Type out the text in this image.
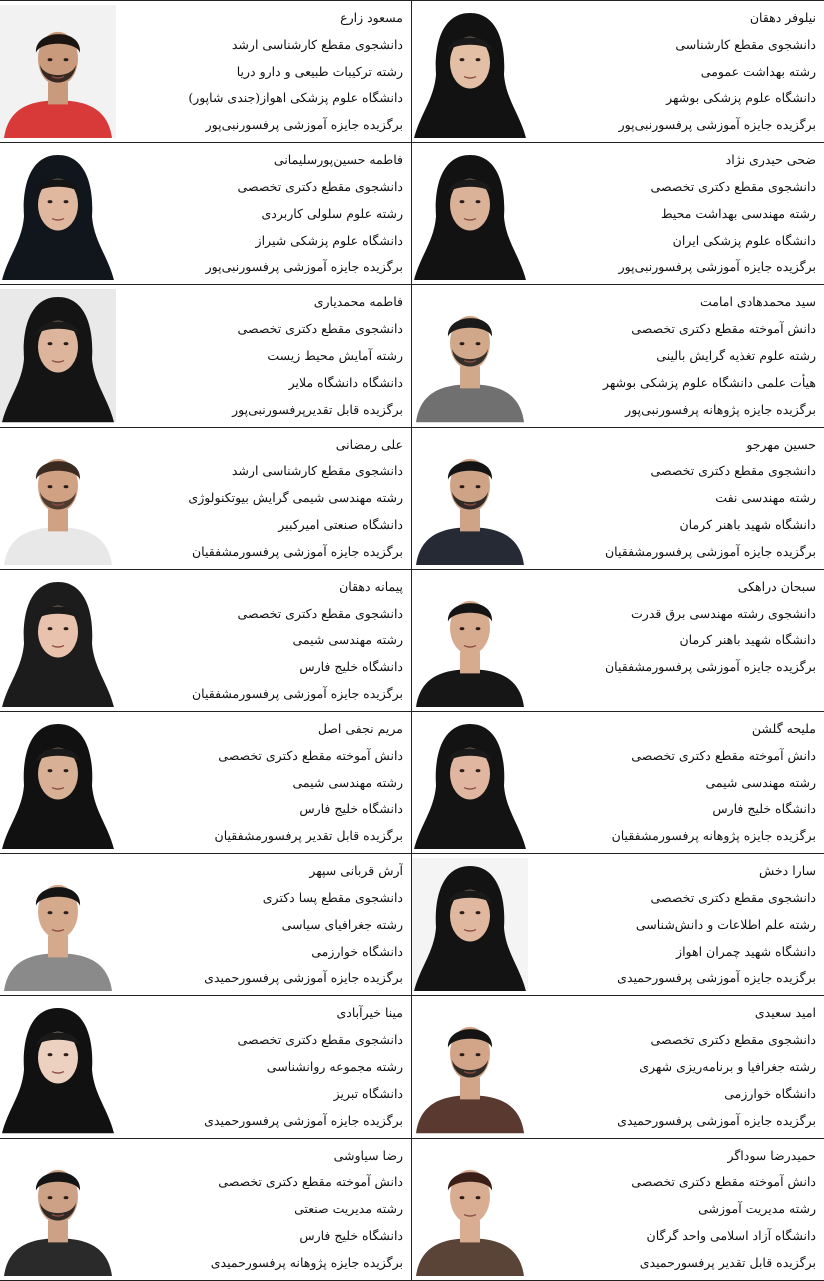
نیلوفر دهقان
دانشجوی مقطع کارشناسی
رشته بهداشت عمومی
دانشگاه علوم پزشکی بوشهر
برگزیده جایزه آموزشی پرفسورنبی‌پور
مسعود زارع
دانشجوی مقطع کارشناسی ارشد
رشته ترکیبات طبیعی و دارو دریا
دانشگاه علوم پزشکی اهواز(جندی شاپور)
برگزیده جایزه آموزشی پرفسورنبی‌پور
ضحی حیدری نژاد
دانشجوی مقطع دکتری تخصصی
رشته مهندسی بهداشت محیط
دانشگاه علوم پزشکی ایران
برگزیده جایزه آموزشی پرفسورنبی‌پور
فاطمه حسین‌پورسلیمانی
دانشجوی مقطع دکتری تخصصی
رشته علوم سلولی کاربردی
دانشگاه علوم پزشکی شیراز
برگزیده جایزه آموزشی پرفسورنبی‌پور
سید محمدهادی امامت
دانش آموخته مقطع دکتری تخصصی
رشته علوم تغذیه گرایش بالینی
هیأت علمی دانشگاه علوم پزشکی بوشهر
برگزیده جایزه پژوهانه پرفسورنبی‌پور
فاطمه محمدیاری
دانشجوی مقطع دکتری تخصصی
رشته آمایش محیط زیست
دانشگاه دانشگاه ملایر
برگزیده قابل تقدیرپرفسورنبی‌پور
حسین مهرجو
دانشجوی مقطع دکتری تخصصی
رشته مهندسی نفت
دانشگاه شهید باهنر کرمان
برگزیده جایزه آموزشی پرفسورمشفقیان
علی رمضانی
دانشجوی مقطع کارشناسی ارشد
رشته مهندسی شیمی گرایش بیوتکنولوژی
دانشگاه صنعتی امیرکبیر
برگزیده جایزه آموزشی پرفسورمشفقیان
سبحان دراهکی
دانشجوی رشته مهندسی برق قدرت
دانشگاه شهید باهنر کرمان
برگزیده جایزه آموزشی پرفسورمشفقیان
پیمانه دهقان
دانشجوی مقطع دکتری تخصصی
رشته مهندسی شیمی
دانشگاه خلیج فارس
برگزیده جایزه آموزشی پرفسورمشفقیان
ملیحه گلشن
دانش آموخته مقطع دکتری تخصصی
رشته مهندسی شیمی
دانشگاه خلیج فارس
برگزیده جایزه پژوهانه پرفسورمشفقیان
مریم نجفی اصل
دانش آموخته مقطع دکتری تخصصی
رشته مهندسی شیمی
دانشگاه خلیج فارس
برگزیده قابل تقدیر پرفسورمشفقیان
سارا دخش
دانشجوی مقطع دکتری تخصصی
رشته علم اطلاعات و دانش‌شناسی
دانشگاه شهید چمران اهواز
برگزیده جایزه آموزشی پرفسورحمیدی
آرش قربانی سپهر
دانشجوی مقطع پسا دکتری
رشته جغرافیای سیاسی
دانشگاه خوارزمی
برگزیده جایزه آموزشی پرفسورحمیدی
امید سعیدی
دانشجوی مقطع دکتری تخصصی
رشته جغرافیا و برنامه‌ریزی شهری
دانشگاه خوارزمی
برگزیده جایزه آموزشی پرفسورحمیدی
مینا خیرآبادی
دانشجوی مقطع دکتری تخصصی
رشته مجموعه روانشناسی
دانشگاه تبریز
برگزیده جایزه آموزشی پرفسورحمیدی
حمیدرضا سوداگر
دانش آموخته مقطع دکتری تخصصی
رشته مدیریت آموزشی
دانشگاه آزاد اسلامی واحد گرگان
برگزیده قابل تقدیر پرفسورحمیدی
رضا سیاوشی
دانش آموخته مقطع دکتری تخصصی
رشته مدیریت صنعتی
دانشگاه خلیج فارس
برگزیده جایزه پژوهانه پرفسورحمیدی
